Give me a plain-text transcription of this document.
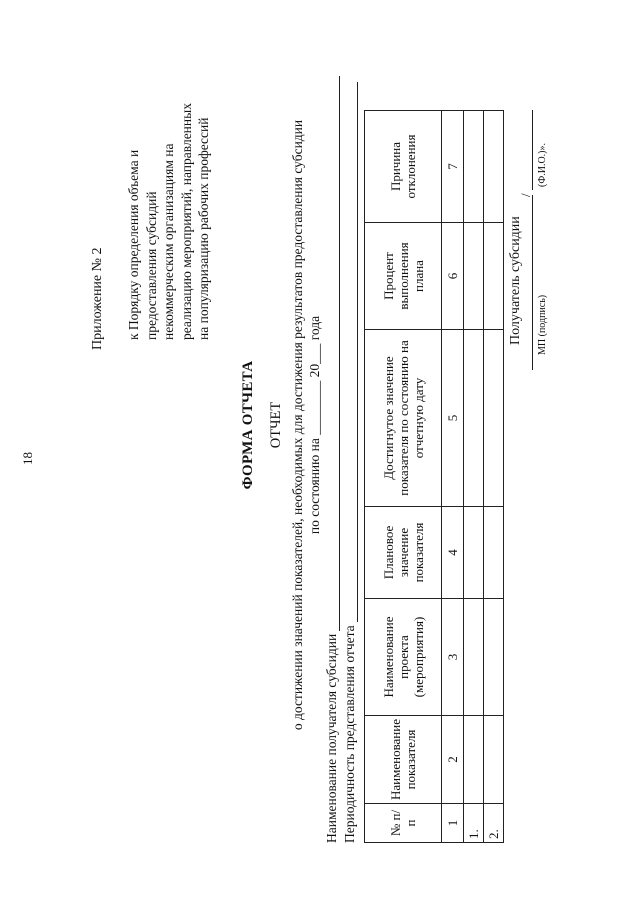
18
Приложение № 2 к Порядку определения объема и предоставления субсидий некоммерческим организациям на реализацию мероприятий, направленных на популяризацию рабочих профессий
ФОРМА ОТЧЕТА ОТЧЕТ о достижении значений показателей, необходимых для достижения результатов предоставления субсидии по состоянию на ________ 20___ года
Наименование получателя субсидии Периодичность представления отчета № п/п	Наименование показателя	Наименование проекта (мероприятия)	Плановое значение показателя	Достигнутое значение показателя по состоянию на отчетную дату	Процент выполнения плана	Причина отклонения
1	2	3	4	5	6	7
1.						
2.						
Получатель субсидии
/
МП (подпись)
(Ф.И.О.)».
